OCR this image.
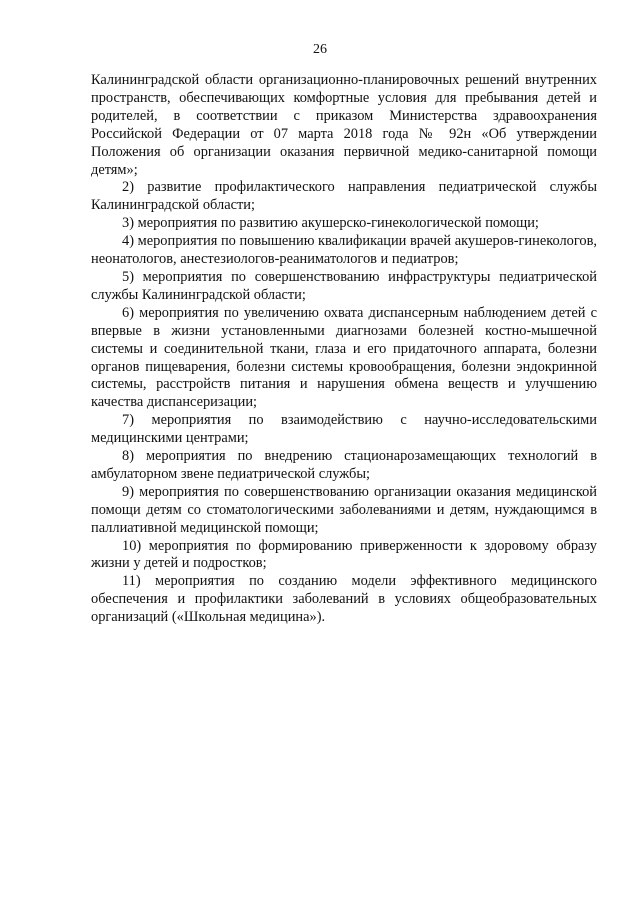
26

Калининградской области организационно-планировочных решений внутренних пространств, обеспечивающих комфортные условия для пребывания детей и родителей, в соответствии с приказом Министерства здравоохранения Российской Федерации от 07 марта 2018 года № 92н «Об утверждении Положения об организации оказания первичной медико-санитарной помощи детям»;

2) развитие профилактического направления педиатрической службы Калининградской области;

3) мероприятия по развитию акушерско-гинекологической помощи;

4) мероприятия по повышению квалификации врачей акушеров-гинекологов, неонатологов, анестезиологов-реаниматологов и педиатров;

5) мероприятия по совершенствованию инфраструктуры педиатрической службы Калининградской области;

6) мероприятия по увеличению охвата диспансерным наблюдением детей с впервые в жизни установленными диагнозами болезней костно-мышечной системы и соединительной ткани, глаза и его придаточного аппарата, болезни органов пищеварения, болезни системы кровообращения, болезни эндокринной системы, расстройств питания и нарушения обмена веществ и улучшению качества диспансеризации;

7) мероприятия по взаимодействию с научно-исследовательскими медицинскими центрами;

8) мероприятия по внедрению стационарозамещающих технологий в амбулаторном звене педиатрической службы;

9) мероприятия по совершенствованию организации оказания медицинской помощи детям со стоматологическими заболеваниями и детям, нуждающимся в паллиативной медицинской помощи;

10) мероприятия по формированию приверженности к здоровому образу жизни у детей и подростков;

11) мероприятия по созданию модели эффективного медицинского обеспечения и профилактики заболеваний в условиях общеобразовательных организаций («Школьная медицина»).
